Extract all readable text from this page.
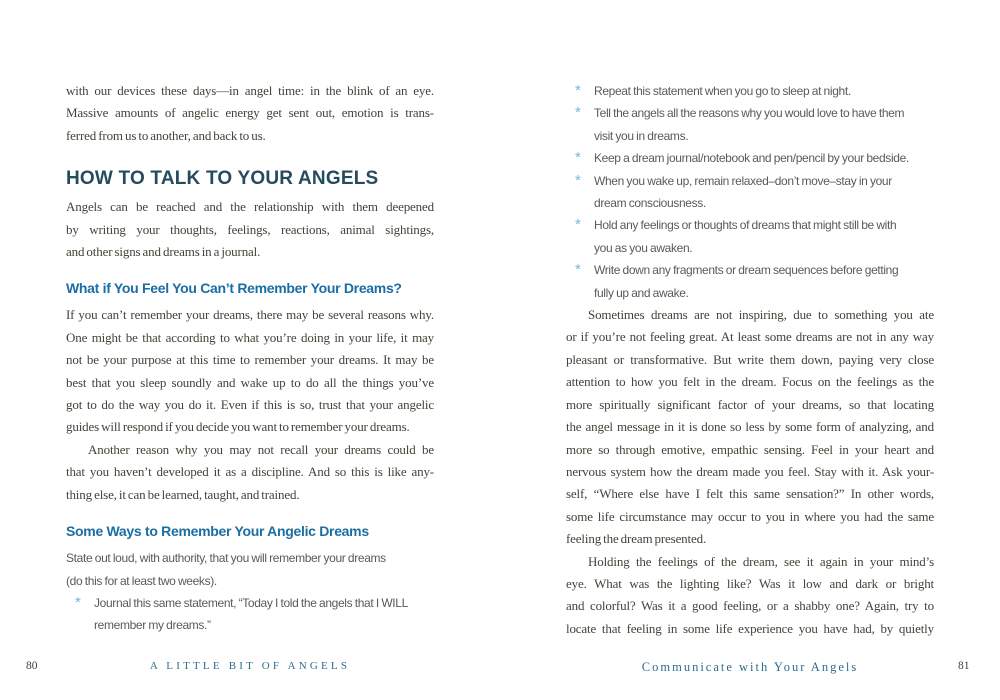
with our devices these days—in angel time: in the blink of an eye.
Massive amounts of angelic energy get sent out, emotion is trans-
ferred from us to another, and back to us.
HOW TO TALK TO YOUR ANGELS
Angels can be reached and the relationship with them deepened
by writing your thoughts, feelings, reactions, animal sightings,
and other signs and dreams in a journal.
What if You Feel You Can’t Remember Your Dreams?
If you can’t remember your dreams, there may be several reasons why.
One might be that according to what you’re doing in your life, it may
not be your purpose at this time to remember your dreams. It may be
best that you sleep soundly and wake up to do all the things you’ve
got to do the way you do it. Even if this is so, trust that your angelic
guides will respond if you decide you want to remember your dreams.
Another reason why you may not recall your dreams could be
that you haven’t developed it as a discipline. And so this is like any-
thing else, it can be learned, taught, and trained.
Some Ways to Remember Your Angelic Dreams
State out loud, with authority, that you will remember your dreams
(do this for at least two weeks).
* Journal this same statement, “Today I told the angels that I WILL
remember my dreams.”
* Repeat this statement when you go to sleep at night.
* Tell the angels all the reasons why you would love to have them
visit you in dreams.
* Keep a dream journal/notebook and pen/pencil by your bedside.
* When you wake up, remain relaxed–don’t move–stay in your
dream consciousness.
* Hold any feelings or thoughts of dreams that might still be with
you as you awaken.
* Write down any fragments or dream sequences before getting
fully up and awake.
Sometimes dreams are not inspiring, due to something you ate
or if you’re not feeling great. At least some dreams are not in any way
pleasant or transformative. But write them down, paying very close
attention to how you felt in the dream. Focus on the feelings as the
more spiritually significant factor of your dreams, so that locating
the angel message in it is done so less by some form of analyzing, and
more so through emotive, empathic sensing. Feel in your heart and
nervous system how the dream made you feel. Stay with it. Ask your-
self, “Where else have I felt this same sensation?” In other words,
some life circumstance may occur to you in where you had the same
feeling the dream presented.
Holding the feelings of the dream, see it again in your mind’s
eye. What was the lighting like? Was it low and dark or bright
and colorful? Was it a good feeling, or a shabby one? Again, try to
locate that feeling in some life experience you have had, by quietly
80	A LITTLE BIT OF ANGELS	Communicate with Your Angels	81
